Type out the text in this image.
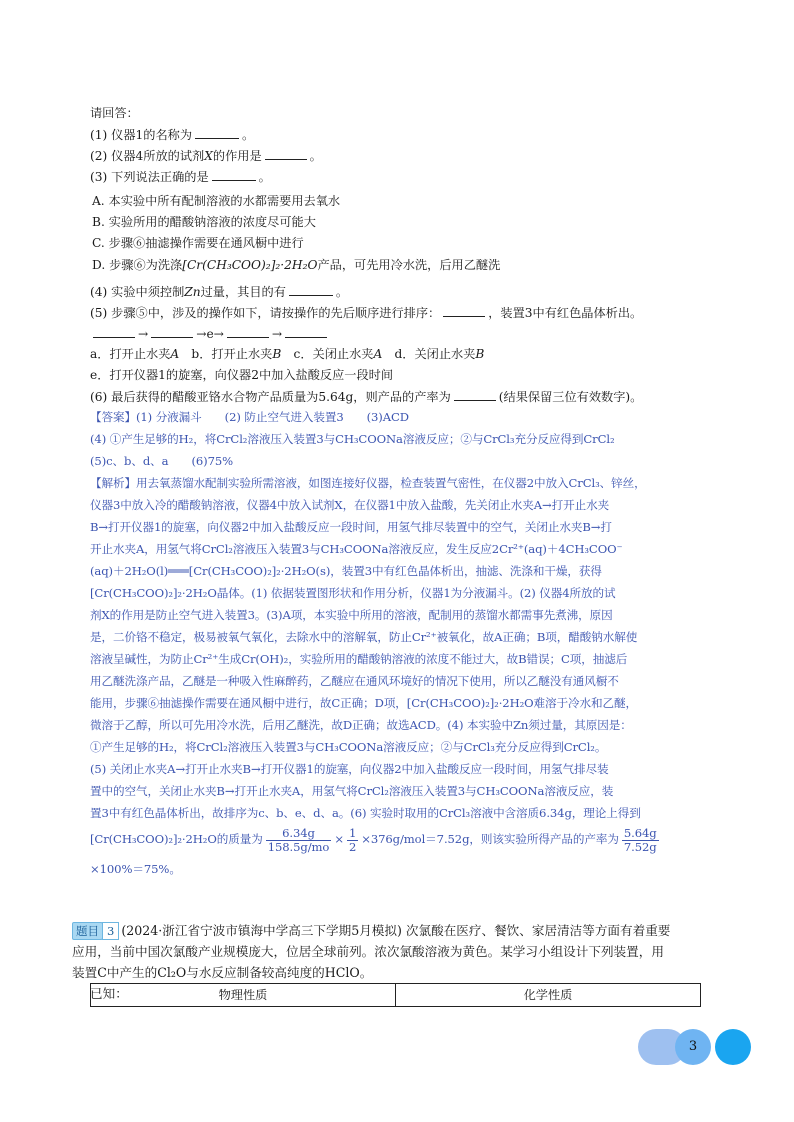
请回答：
(1) 仪器1的名称为	。
(2) 仪器4所放的试剂X的作用是	。
(3) 下列说法正确的是	。
A. 本实验中所有配制溶液的水都需要用去氧水
B. 实验所用的醋酸钠溶液的浓度尽可能大
C. 步骤⑥抽滤操作需要在通风橱中进行
D. 步骤⑥为洗涤[Cr(CH₃COO)₂]₂·2H₂O产品，可先用冷水洗，后用乙醚洗
(4) 实验中须控制Zn过量，其目的有	。
(5) 步骤⑤中，涉及的操作如下，请按操作的先后顺序进行排序：	，装置3中有红色晶体析出。
→	→e→	→
a．打开止水夹A　 b．打开止水夹B　 c．关闭止水夹A　 d．关闭止水夹B
e．打开仪器1的旋塞，向仪器2中加入盐酸反应一段时间
(6) 最后获得的醋酸亚铬水合物产品质量为5.64g，则产品的产率为	(结果保留三位有效数字)。
【答案】(1) 分液漏斗　　(2) 防止空气进入装置3　　(3)ACD
(4) ①产生足够的H₂，将CrCl₂溶液压入装置3与CH₃COONa溶液反应；②与CrCl₃充分反应得到CrCl₂
(5)c、b、d、a　　(6)75%
【解析】用去氧蒸馏水配制实验所需溶液，如图连接好仪器，检查装置气密性，在仪器2中放入CrCl₃、锌丝，
仪器3中放入冷的醋酸钠溶液，仪器4中放入试剂X，在仪器1中放入盐酸，先关闭止水夹A→打开止水夹
B→打开仪器1的旋塞，向仪器2中加入盐酸反应一段时间，用氢气排尽装置中的空气，关闭止水夹B→打
开止水夹A，用氢气将CrCl₂溶液压入装置3与CH₃COONa溶液反应，发生反应2Cr²⁺(aq)＋4CH₃COO⁻
(aq)＋2H₂O(l)═══[Cr(CH₃COO)₂]₂·2H₂O(s)，装置3中有红色晶体析出，抽滤、洗涤和干燥，获得
[Cr(CH₃COO)₂]₂·2H₂O晶体。(1) 依据装置图形状和作用分析，仪器1为分液漏斗。(2) 仪器4所放的试
剂X的作用是防止空气进入装置3。(3)A项，本实验中所用的溶液，配制用的蒸馏水都需事先煮沸，原因
是，二价铬不稳定，极易被氧气氧化，去除水中的溶解氧，防止Cr²⁺被氧化，故A正确；B项，醋酸钠水解使
溶液呈碱性，为防止Cr²⁺生成Cr(OH)₂，实验所用的醋酸钠溶液的浓度不能过大，故B错误；C项，抽滤后
用乙醚洗涤产品，乙醚是一种吸入性麻醉药，乙醚应在通风环境好的情况下使用，所以乙醚没有通风橱不
能用，步骤⑥抽滤操作需要在通风橱中进行，故C正确；D项，[Cr(CH₃COO)₂]₂·2H₂O难溶于冷水和乙醚，
微溶于乙醇，所以可先用冷水洗，后用乙醚洗，故D正确；故选ACD。(4) 本实验中Zn须过量，其原因是：
①产生足够的H₂，将CrCl₂溶液压入装置3与CH₃COONa溶液反应；②与CrCl₃充分反应得到CrCl₂。
(5) 关闭止水夹A→打开止水夹B→打开仪器1的旋塞，向仪器2中加入盐酸反应一段时间，用氢气排尽装
置中的空气，关闭止水夹B→打开止水夹A，用氢气将CrCl₂溶液压入装置3与CH₃COONa溶液反应，装
置3中有红色晶体析出，故排序为c、b、e、d、a。(6) 实验时取用的CrCl₃溶液中含溶质6.34g，理论上得到
[Cr(CH₃COO)₂]₂·2H₂O的质量为 $\frac{6.34g}{158.5g/mo} \times \frac{1}{2} \times 376g/mol=7.52g$，则该实验所得产品的产率为 $\frac{5.64g}{7.52g}$
×100%＝75%。
题目 3 (2024·浙江省宁波市镇海中学高三下学期5月模拟) 次氯酸在医疗、餐饮、家居清洁等方面有着重要
应用，当前中国次氯酸产业规模庞大，位居全球前列。浓次氯酸溶液为黄色。某学习小组设计下列装置，用
装置C中产生的Cl₂O与水反应制备较高纯度的HClO。
已知：	物理性质	化学性质
3
